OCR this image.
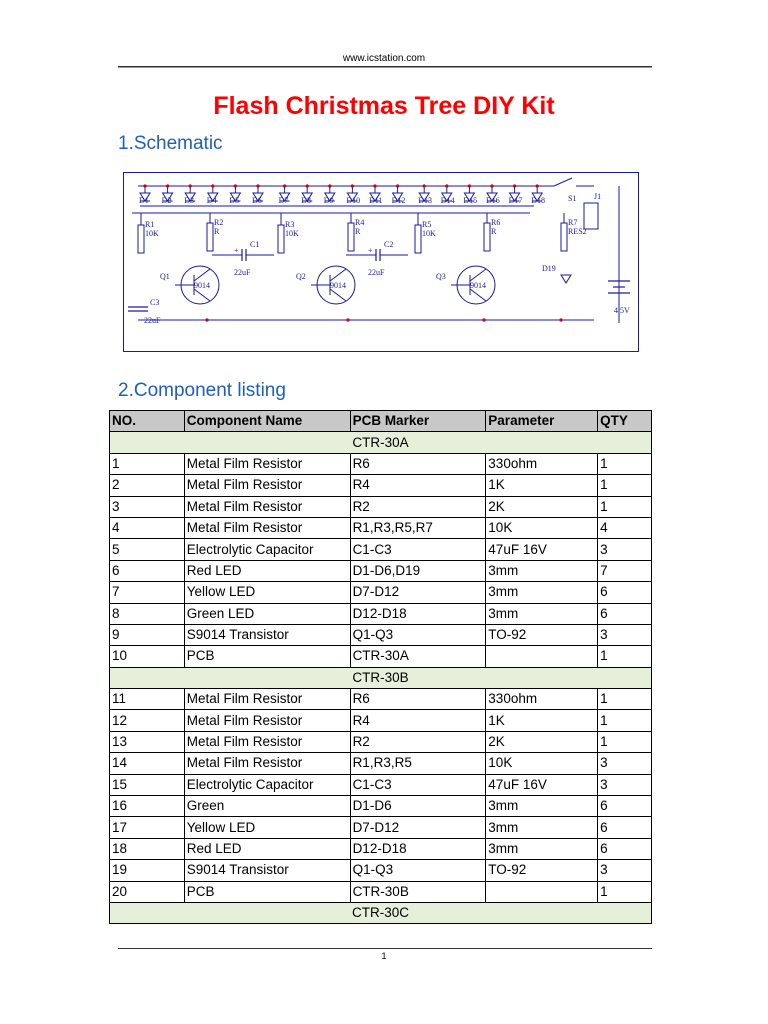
www.icstation.com
Flash Christmas Tree DIY Kit
1.Schematic
D1 D2 D3 D4 D5 D6 D7 D8 D9 D10 D11 D12 D13 D14 D15 D16 D17 D18
R1
10K
R2
R
R3
10K
R4
R
R5
10K
R6
R
R7
RES2
C1
22uF
+
C2
22uF
+
C3
22uF
Q1
9014
Q2
9014
Q3
9014
S1 J1
D19
4.5V
2.Component listing
NO.	Component Name	PCB Marker	Parameter	QTY
CTR-30A				
1	Metal Film Resistor	R6	330ohm	1
2	Metal Film Resistor	R4	1K	1
3	Metal Film Resistor	R2	2K	1
4	Metal Film Resistor	R1,R3,R5,R7	10K	4
5	Electrolytic Capacitor	C1-C3	47uF 16V	3
6	Red LED	D1-D6,D19	3mm	7
7	Yellow LED	D7-D12	3mm	6
8	Green LED	D12-D18	3mm	6
9	S9014 Transistor	Q1-Q3	TO-92	3
10	PCB	CTR-30A		1
CTR-30B				
11	Metal Film Resistor	R6	330ohm	1
12	Metal Film Resistor	R4	1K	1
13	Metal Film Resistor	R2	2K	1
14	Metal Film Resistor	R1,R3,R5	10K	3
15	Electrolytic Capacitor	C1-C3	47uF 16V	3
16	Green	D1-D6	3mm	6
17	Yellow LED	D7-D12	3mm	6
18	Red LED	D12-D18	3mm	6
19	S9014 Transistor	Q1-Q3	TO-92	3
20	PCB	CTR-30B		1
CTR-30C				
1
